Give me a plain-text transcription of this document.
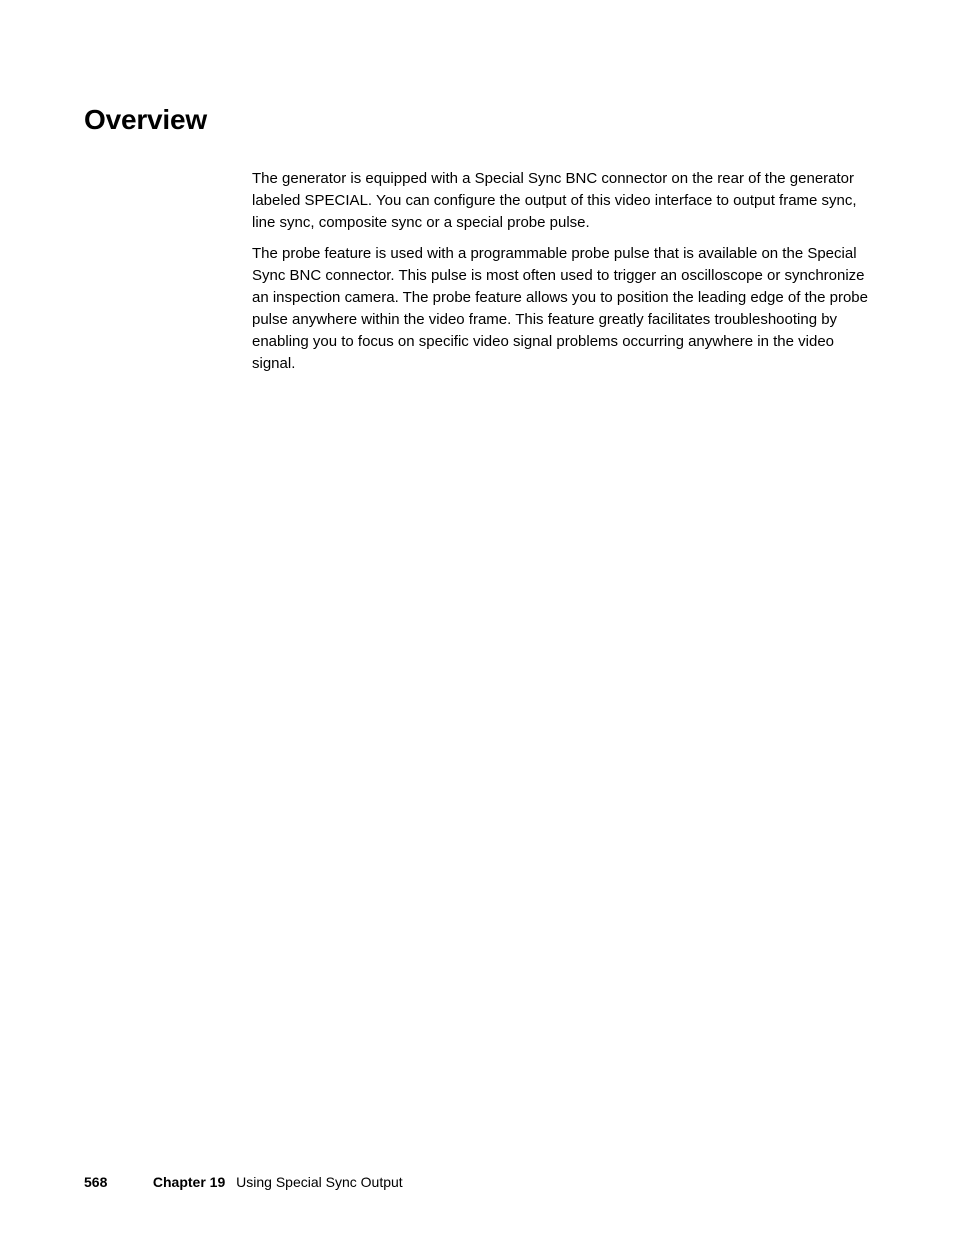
Overview

The generator is equipped with a Special Sync BNC connector on the rear of the generator labeled SPECIAL. You can configure the output of this video interface to output frame sync, line sync, composite sync or a special probe pulse.

The probe feature is used with a programmable probe pulse that is available on the Special Sync BNC connector. This pulse is most often used to trigger an oscilloscope or synchronize an inspection camera. The probe feature allows you to position the leading edge of the probe pulse anywhere within the video frame. This feature greatly facilitates troubleshooting by enabling you to focus on specific video signal problems occurring anywhere in the video signal.

568	Chapter 19 Using Special Sync Output
